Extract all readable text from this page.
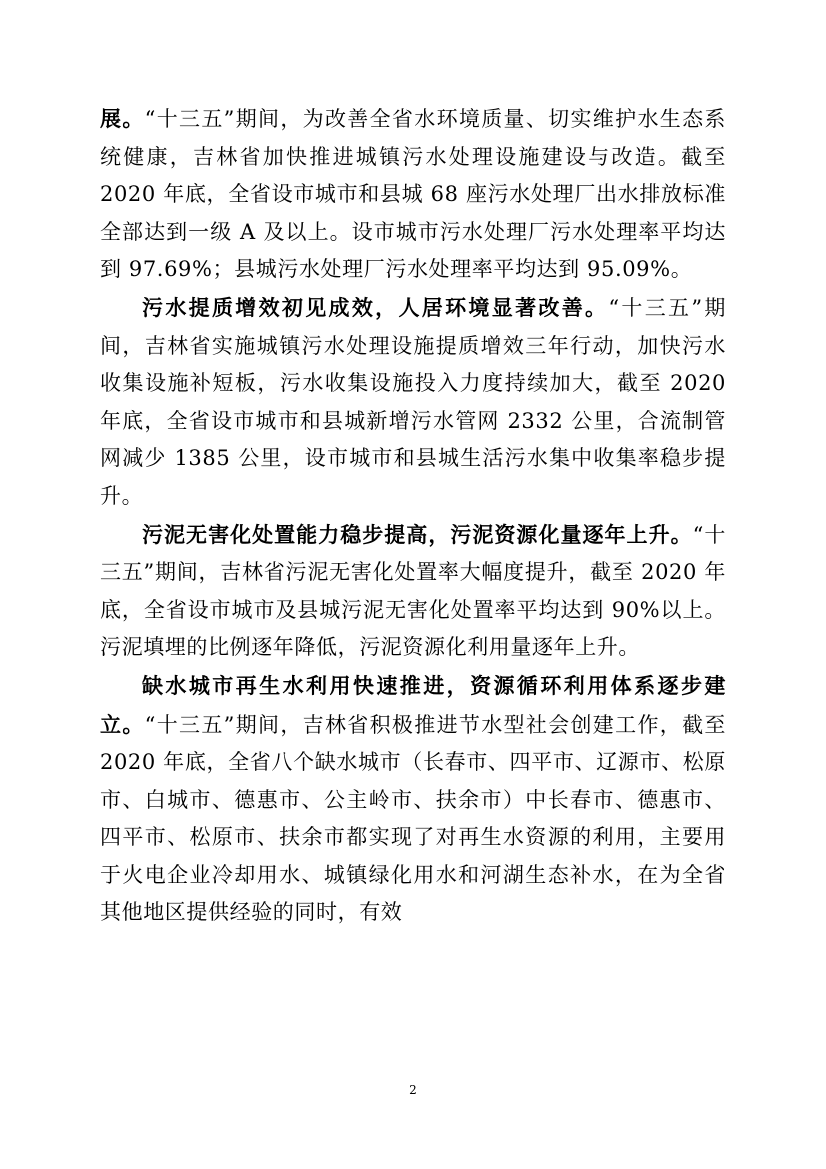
展。“十三五”期间，为改善全省水环境质量、切实维护水生态系统健康，吉林省加快推进城镇污水处理设施建设与改造。截至 2020 年底，全省设市城市和县城 68 座污水处理厂出水排放标准全部达到一级 A 及以上。设市城市污水处理厂污水处理率平均达到 97.69%；县城污水处理厂污水处理率平均达到 95.09%。

污水提质增效初见成效，人居环境显著改善。“十三五”期间，吉林省实施城镇污水处理设施提质增效三年行动，加快污水收集设施补短板，污水收集设施投入力度持续加大，截至 2020 年底，全省设市城市和县城新增污水管网 2332 公里，合流制管网减少 1385 公里，设市城市和县城生活污水集中收集率稳步提升。

污泥无害化处置能力稳步提高，污泥资源化量逐年上升。“十三五”期间，吉林省污泥无害化处置率大幅度提升，截至 2020 年底，全省设市城市及县城污泥无害化处置率平均达到 90%以上。污泥填埋的比例逐年降低，污泥资源化利用量逐年上升。

缺水城市再生水利用快速推进，资源循环利用体系逐步建立。“十三五”期间，吉林省积极推进节水型社会创建工作，截至 2020 年底，全省八个缺水城市（长春市、四平市、辽源市、松原市、白城市、德惠市、公主岭市、扶余市）中长春市、德惠市、四平市、松原市、扶余市都实现了对再生水资源的利用，主要用于火电企业冷却用水、城镇绿化用水和河湖生态补水，在为全省其他地区提供经验的同时，有效

2
